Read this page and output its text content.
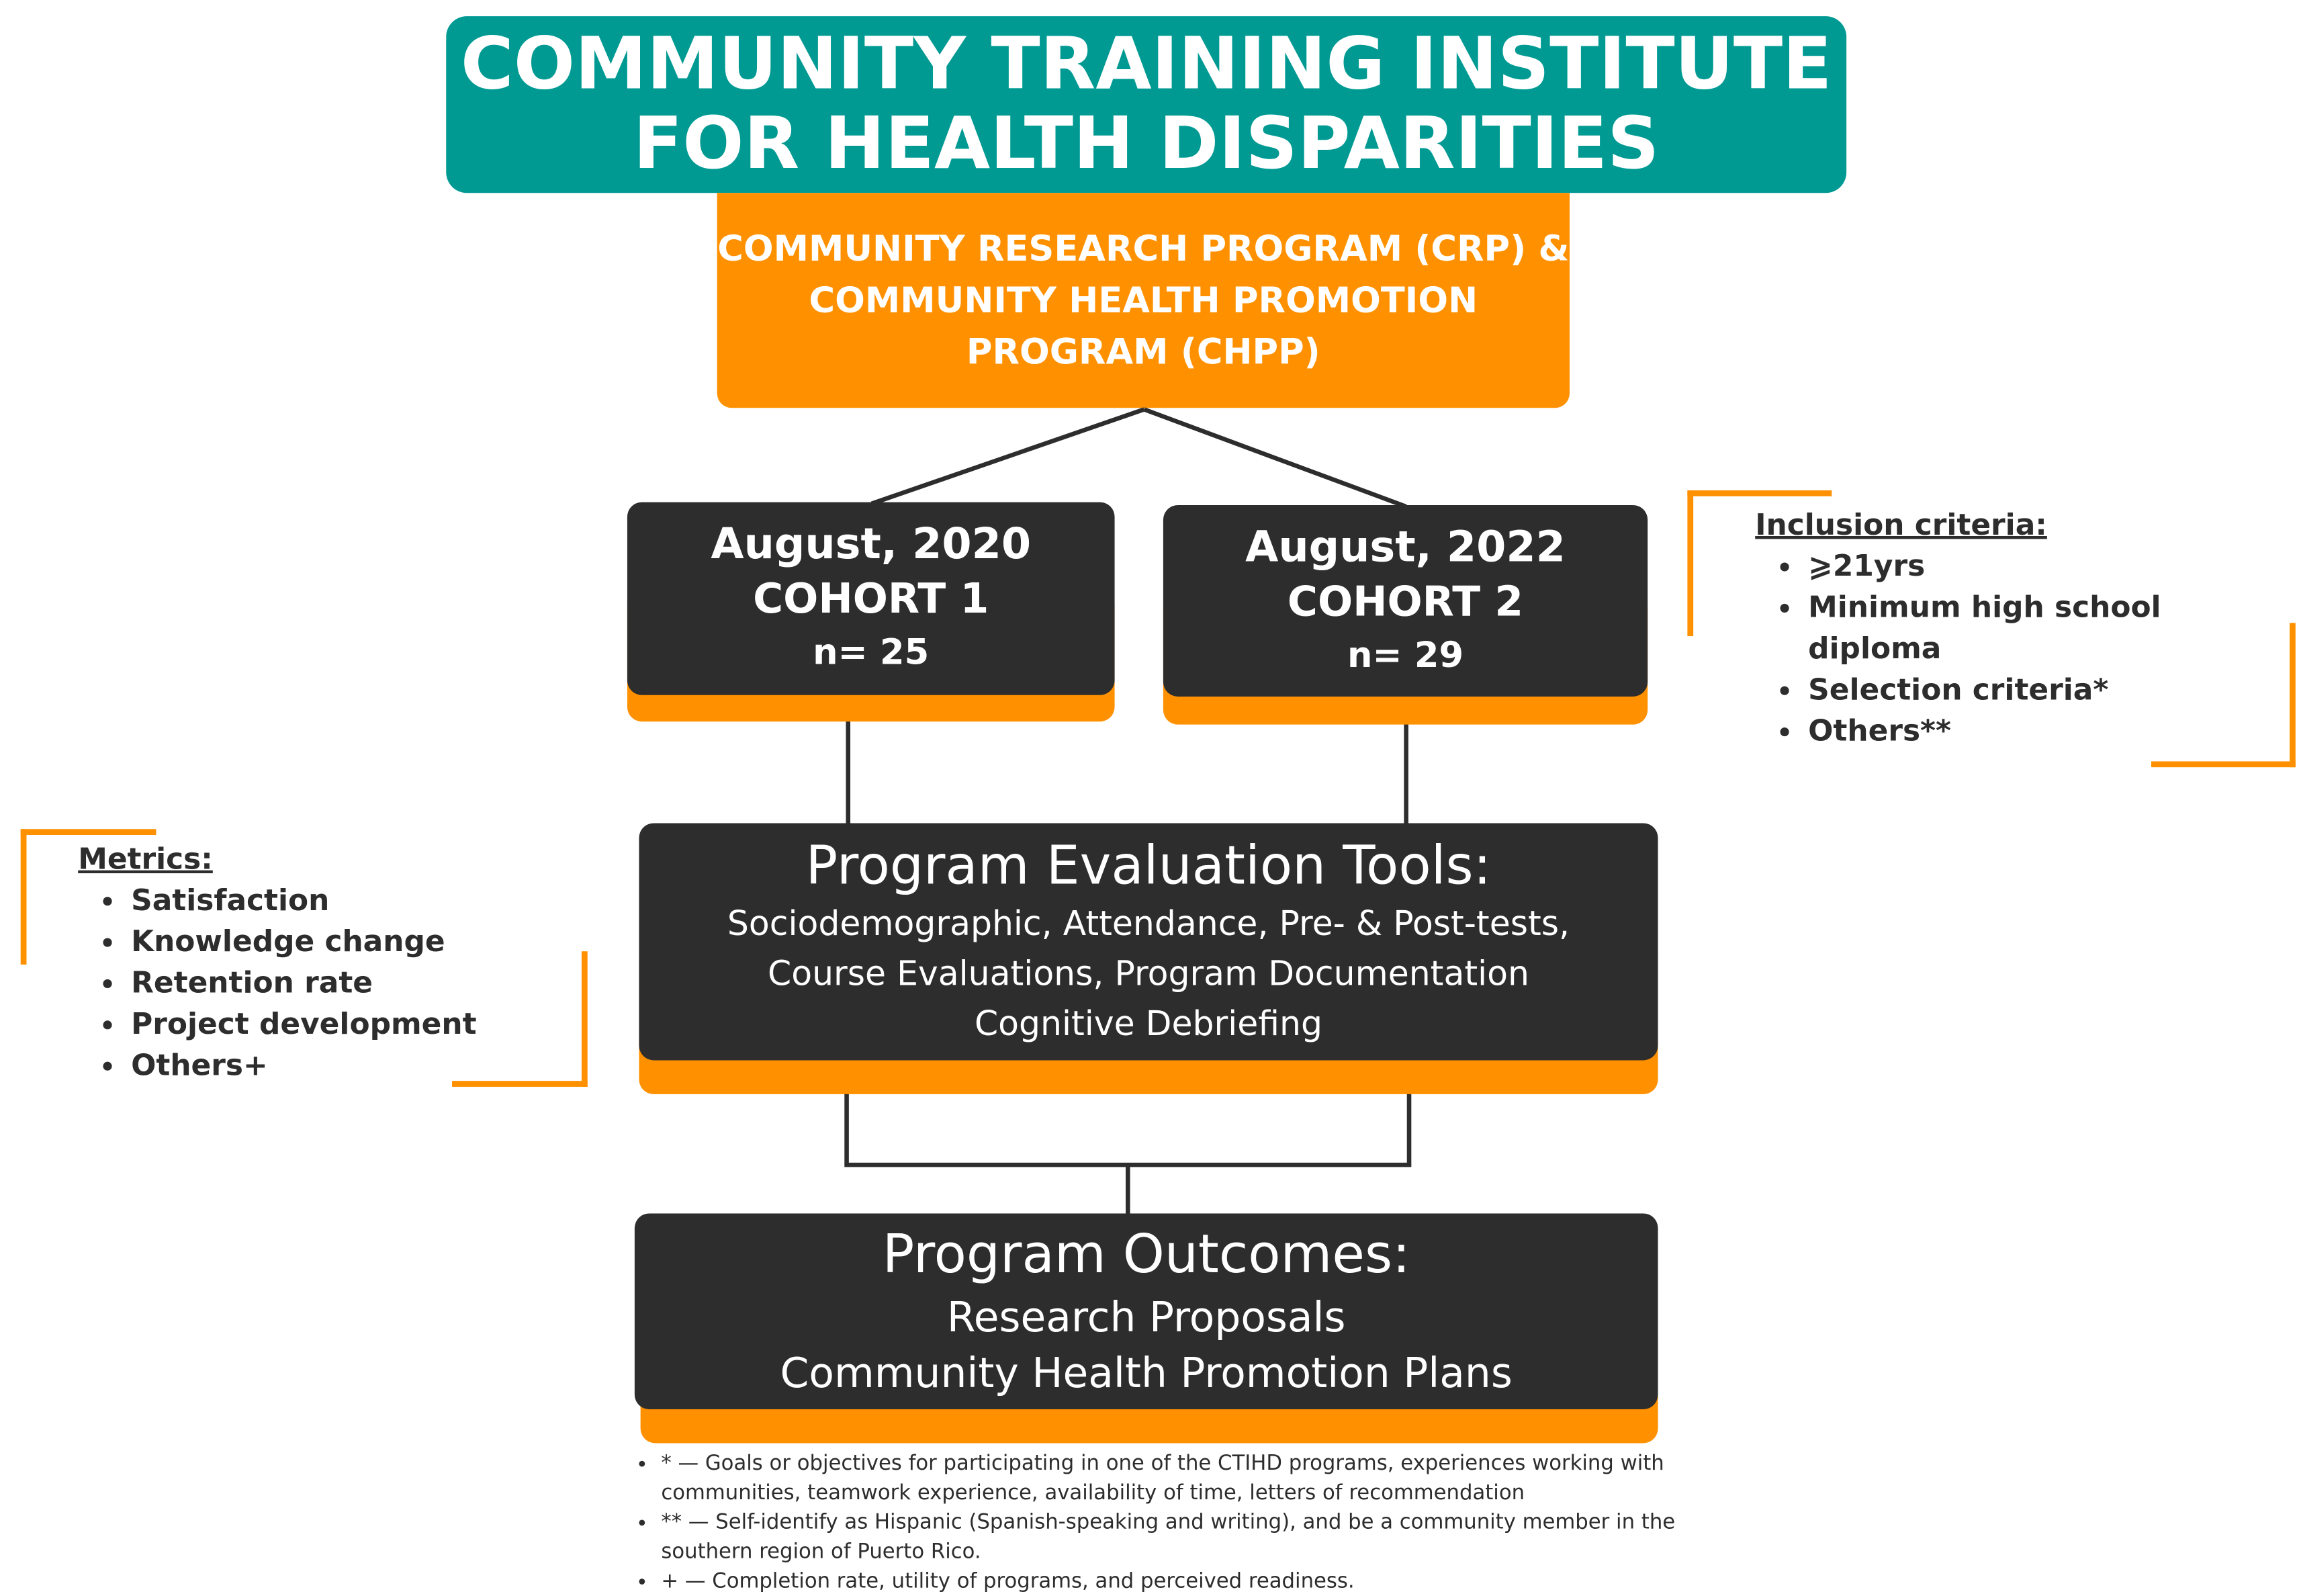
COMMUNITY TRAINING INSTITUTE
FOR HEALTH DISPARITIES
COMMUNITY RESEARCH PROGRAM (CRP) &
COMMUNITY HEALTH PROMOTION
PROGRAM (CHPP)
August, 2020
COHORT 1
n= 25
August, 2022
COHORT 2
n= 29
Program Evaluation Tools:
Sociodemographic, Attendance, Pre- & Post-tests,
Course Evaluations, Program Documentation
Cognitive Debriefing
Program Outcomes:
Research Proposals
Community Health Promotion Plans
Metrics:
• Satisfaction
• Knowledge change
• Retention rate
• Project development
• Others+
Inclusion criteria:
• ⩾21yrs
• Minimum high school diploma
• Selection criteria*
• Others**
• * — Goals or objectives for participating in one of the CTIHD programs, experiences working with communities, teamwork experience, availability of time, letters of recommendation
• ** — Self-identify as Hispanic (Spanish-speaking and writing), and be a community member in the southern region of Puerto Rico.
• + — Completion rate, utility of programs, and perceived readiness.
